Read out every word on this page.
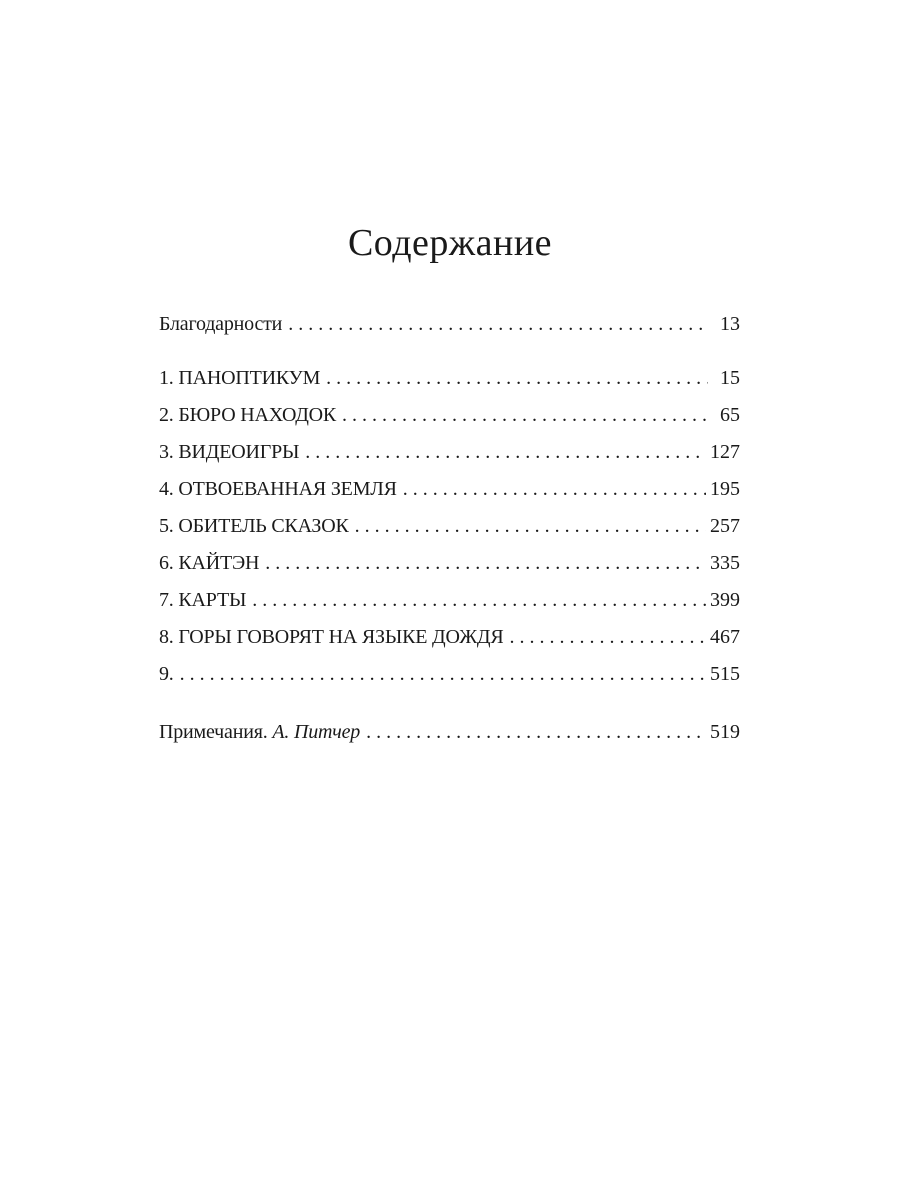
Содержание
Благодарности . . .	13
1. ПАНОПТИКУМ . . .	15
2. БЮРО НАХОДОК . . .	65
3. ВИДЕОИГРЫ . . .	127
4. ОТВОЕВАННАЯ ЗЕМЛЯ . . .	195
5. ОБИТЕЛЬ СКАЗОК . . .	257
6. КАЙТЭН . . .	335
7. КАРТЫ . . .	399
8. ГОРЫ ГОВОРЯТ НА ЯЗЫКЕ ДОЖДЯ . . .	467
9. . . .	515
Примечания. А. Питчер . . .	519
